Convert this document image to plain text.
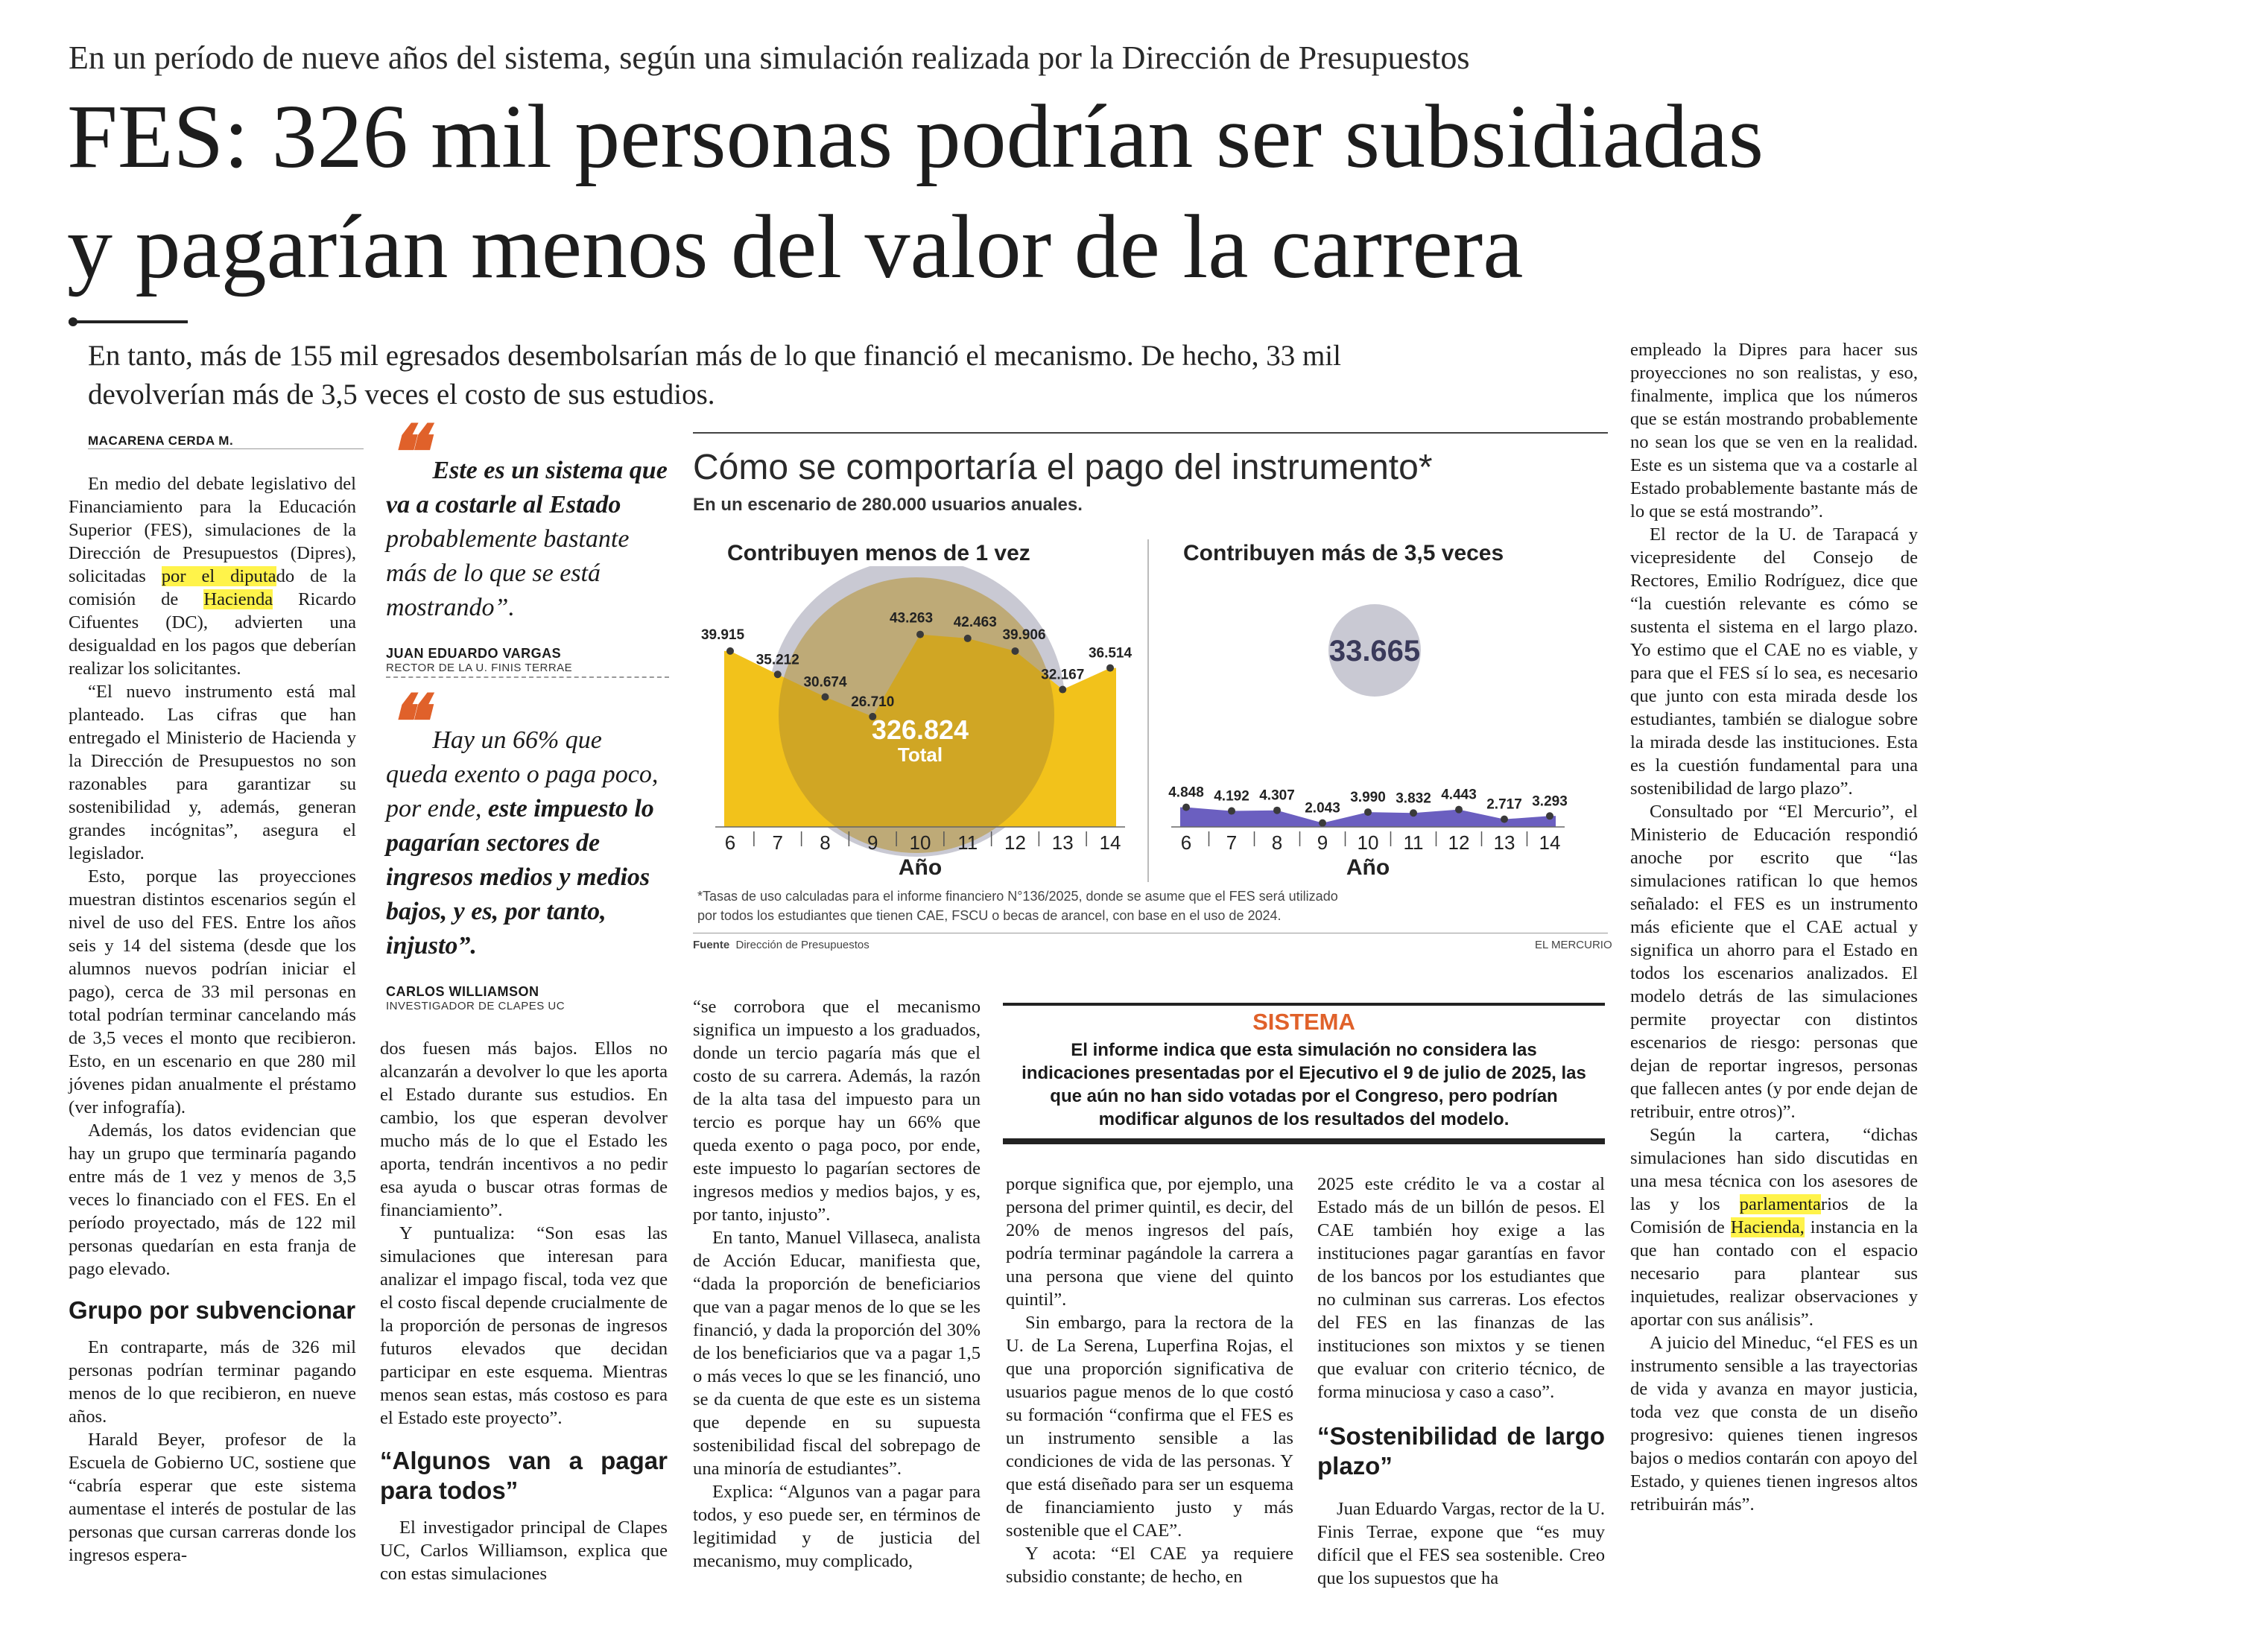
En un período de nueve años del sistema, según una simulación realizada por la Dirección de Presupuestos
FES: 326 mil personas podrían ser subsidiadas
y pagarían menos del valor de la carrera
En tanto, más de 155 mil egresados desembolsarían más de lo que financió el mecanismo. De hecho, 33 mil
devolverían más de 3,5 veces el costo de sus estudios.
MACARENA CERDA M.

En medio del debate legislativo del Financiamiento para la Educación Superior (FES), simulaciones de la Dirección de Presupuestos (Dipres), solicitadas por el diputado de la comisión de Hacienda Ricardo Cifuentes (DC), advierten una desigualdad en los pagos que deberían realizar los solicitantes.

“El nuevo instrumento está mal planteado. Las cifras que han entregado el Ministerio de Hacienda y la Dirección de Presupuestos no son razonables para garantizar su sostenibilidad y, además, generan grandes incógnitas”, asegura el legislador.

Esto, porque las proyecciones muestran distintos escenarios según el nivel de uso del FES. Entre los años seis y 14 del sistema (desde que los alumnos nuevos podrían iniciar el pago), cerca de 33 mil personas en total podrían terminar cancelando más de 3,5 veces el monto que recibieron. Esto, en un escenario en que 280 mil jóvenes pidan anualmente el préstamo (ver infografía).

Además, los datos evidencian que hay un grupo que terminaría pagando entre más de 1 vez y menos de 3,5 veces lo financiado con el FES. En el período proyectado, más de 122 mil personas quedarían en esta franja de pago elevado.

Grupo por subvencionar

En contraparte, más de 326 mil personas podrían terminar pagando menos de lo que recibieron, en nueve años.

Harald Beyer, profesor de la Escuela de Gobierno UC, sostiene que “cabría esperar que este sistema aumentase el interés de postular de las personas que cursan carreras donde los ingresos espera-

❝ Este es un sistema que va a costarle al Estado probablemente bastante más de lo que se está mostrando”.
JUAN EDUARDO VARGAS
RECTOR DE LA U. FINIS TERRAE
❝ Hay un 66% que queda exento o paga poco, por ende, este impuesto lo pagarían sectores de ingresos medios y medios bajos, y es, por tanto, injusto”.
CARLOS WILLIAMSON
INVESTIGADOR DE CLAPES UC

dos fuesen más bajos. Ellos no alcanzarán a devolver lo que les aporta el Estado durante sus estudios. En cambio, los que esperan devolver mucho más de lo que el Estado les aporta, tendrán incentivos a no pedir esa ayuda o buscar otras formas de financiamiento”.

Y puntualiza: “Son esas las simulaciones que interesan para analizar el impago fiscal, toda vez que el costo fiscal depende crucialmente de la proporción de personas de ingresos futuros elevados que decidan participar en este esquema. Mientras menos sean estas, más costoso es para el Estado este proyecto”.

“Algunos van a pagar para todos”

El investigador principal de Clapes UC, Carlos Williamson, explica que con estas simulaciones

Cómo se comportaría el pago del instrumento*
En un escenario de 280.000 usuarios anuales.
Contribuyen menos de 1 vez	Contribuyen más de 3,5 veces
39.915
35.212
30.674
26.710
43.263 42.463
39.906
32.167
36.514
6 7 8 9 10 11 12 13 14
Año
Total
326.824
4.848 4.192 4.307
2.043
3.990 3.832 4.443
2.717 3.293
6 7 8 9 10 11 12 13 14
Año
33.665
*Tasas de uso calculadas para el informe financiero N°136/2025, donde se asume que el FES será utilizado
por todos los estudiantes que tienen CAE, FSCU o becas de arancel, con base en el uso de 2024.
Fuente Dirección de Presupuestos	EL MERCURIO

“se corrobora que el mecanismo significa un impuesto a los graduados, donde un tercio pagaría más que el costo de su carrera. Además, la razón de la alta tasa del impuesto para un tercio es porque hay un 66% que queda exento o paga poco, por ende, este impuesto lo pagarían sectores de ingresos medios y medios bajos, y es, por tanto, injusto”.

En tanto, Manuel Villaseca, analista de Acción Educar, manifiesta que, “dada la proporción de beneficiarios que van a pagar menos de lo que se les financió, y dada la proporción del 30% de los beneficiarios que va a pagar 1,5 o más veces lo que se les financió, uno se da cuenta de que este es un sistema que depende en su supuesta sostenibilidad fiscal del sobrepago de una minoría de estudiantes”.

Explica: “Algunos van a pagar para todos, y eso puede ser, en términos de legitimidad y de justicia del mecanismo, muy complicado,

SISTEMA
El informe indica que esta simulación no considera las indicaciones presentadas por el Ejecutivo el 9 de julio de 2025, las que aún no han sido votadas por el Congreso, pero podrían modificar algunos de los resultados del modelo.

porque significa que, por ejemplo, una persona del primer quintil, es decir, del 20% de menos ingresos del país, podría terminar pagándole la carrera a una persona que viene del quinto quintil”.

Sin embargo, para la rectora de la U. de La Serena, Luperfina Rojas, el que una proporción significativa de usuarios pague menos de lo que costó su formación “confirma que el FES es un instrumento sensible a las condiciones de vida de las personas. Y que está diseñado para ser un esquema de financiamiento justo y más sostenible que el CAE”.

Y acota: “El CAE ya requiere subsidio constante; de hecho, en

2025 este crédito le va a costar al Estado más de un billón de pesos. El CAE también hoy exige a las instituciones pagar garantías en favor de los bancos por los estudiantes que no culminan sus carreras. Los efectos del FES en las finanzas de las instituciones son mixtos y se tienen que evaluar con criterio técnico, de forma minuciosa y caso a caso”.

“Sostenibilidad de largo plazo”

Juan Eduardo Vargas, rector de la U. Finis Terrae, expone que “es muy difícil que el FES sea sostenible. Creo que los supuestos que ha

empleado la Dipres para hacer sus proyecciones no son realistas, y eso, finalmente, implica que los números que se están mostrando probablemente no sean los que se ven en la realidad. Este es un sistema que va a costarle al Estado probablemente bastante más de lo que se está mostrando”.

El rector de la U. de Tarapacá y vicepresidente del Consejo de Rectores, Emilio Rodríguez, dice que “la cuestión relevante es cómo se sustenta el sistema en el largo plazo. Yo estimo que el CAE no es viable, y para que el FES sí lo sea, es necesario que junto con esta mirada desde los estudiantes, también se dialogue sobre la mirada desde las instituciones. Esta es la cuestión fundamental para una sostenibilidad de largo plazo”.

Consultado por “El Mercurio”, el Ministerio de Educación respondió anoche por escrito que “las simulaciones ratifican lo que hemos señalado: el FES es un instrumento más eficiente que el CAE actual y significa un ahorro para el Estado en todos los escenarios analizados. El modelo detrás de las simulaciones permite proyectar con distintos escenarios de riesgo: personas que dejan de reportar ingresos, personas que fallecen antes (y por ende dejan de retribuir, entre otros)”.

Según la cartera, “dichas simulaciones han sido discutidas en una mesa técnica con los asesores de las y los parlamentarios de la Comisión de Hacienda, instancia en la que han contado con el espacio necesario para plantear sus inquietudes, realizar observaciones y aportar con sus análisis”.

A juicio del Mineduc, “el FES es un instrumento sensible a las trayectorias de vida y avanza en mayor justicia, toda vez que consta de un diseño progresivo: quienes tienen ingresos bajos o medios contarán con apoyo del Estado, y quienes tienen ingresos altos retribuirán más”.
